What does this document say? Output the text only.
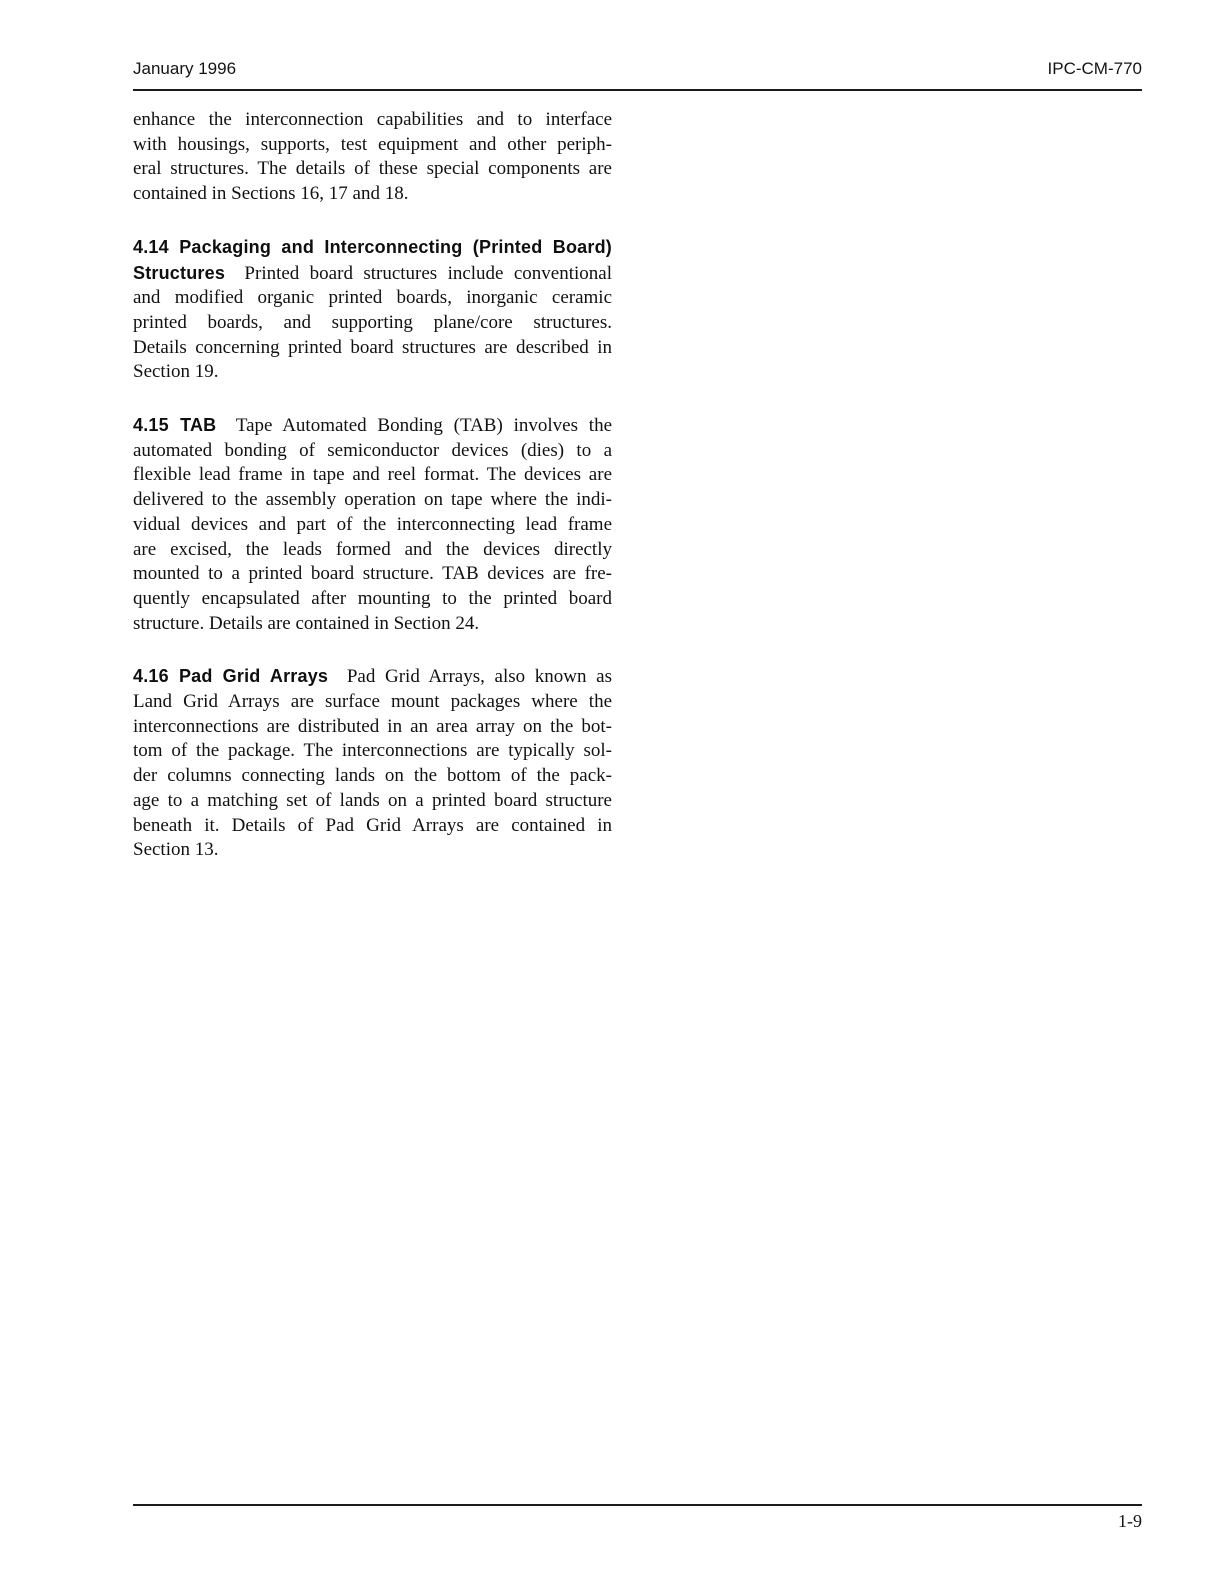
January 1996	IPC-CM-770
enhance the interconnection capabilities and to interface
with housings, supports, test equipment and other periph-
eral structures. The details of these special components are
contained in Sections 16, 17 and 18.
4.14 Packaging and Interconnecting (Printed Board)
Structures Printed board structures include conventional
and modified organic printed boards, inorganic ceramic
printed boards, and supporting plane/core structures.
Details concerning printed board structures are described in
Section 19.
4.15 TAB Tape Automated Bonding (TAB) involves the
automated bonding of semiconductor devices (dies) to a
flexible lead frame in tape and reel format. The devices are
delivered to the assembly operation on tape where the indi-
vidual devices and part of the interconnecting lead frame
are excised, the leads formed and the devices directly
mounted to a printed board structure. TAB devices are fre-
quently encapsulated after mounting to the printed board
structure. Details are contained in Section 24.
4.16 Pad Grid Arrays Pad Grid Arrays, also known as
Land Grid Arrays are surface mount packages where the
interconnections are distributed in an area array on the bot-
tom of the package. The interconnections are typically sol-
der columns connecting lands on the bottom of the pack-
age to a matching set of lands on a printed board structure
beneath it. Details of Pad Grid Arrays are contained in
Section 13.
1-9
